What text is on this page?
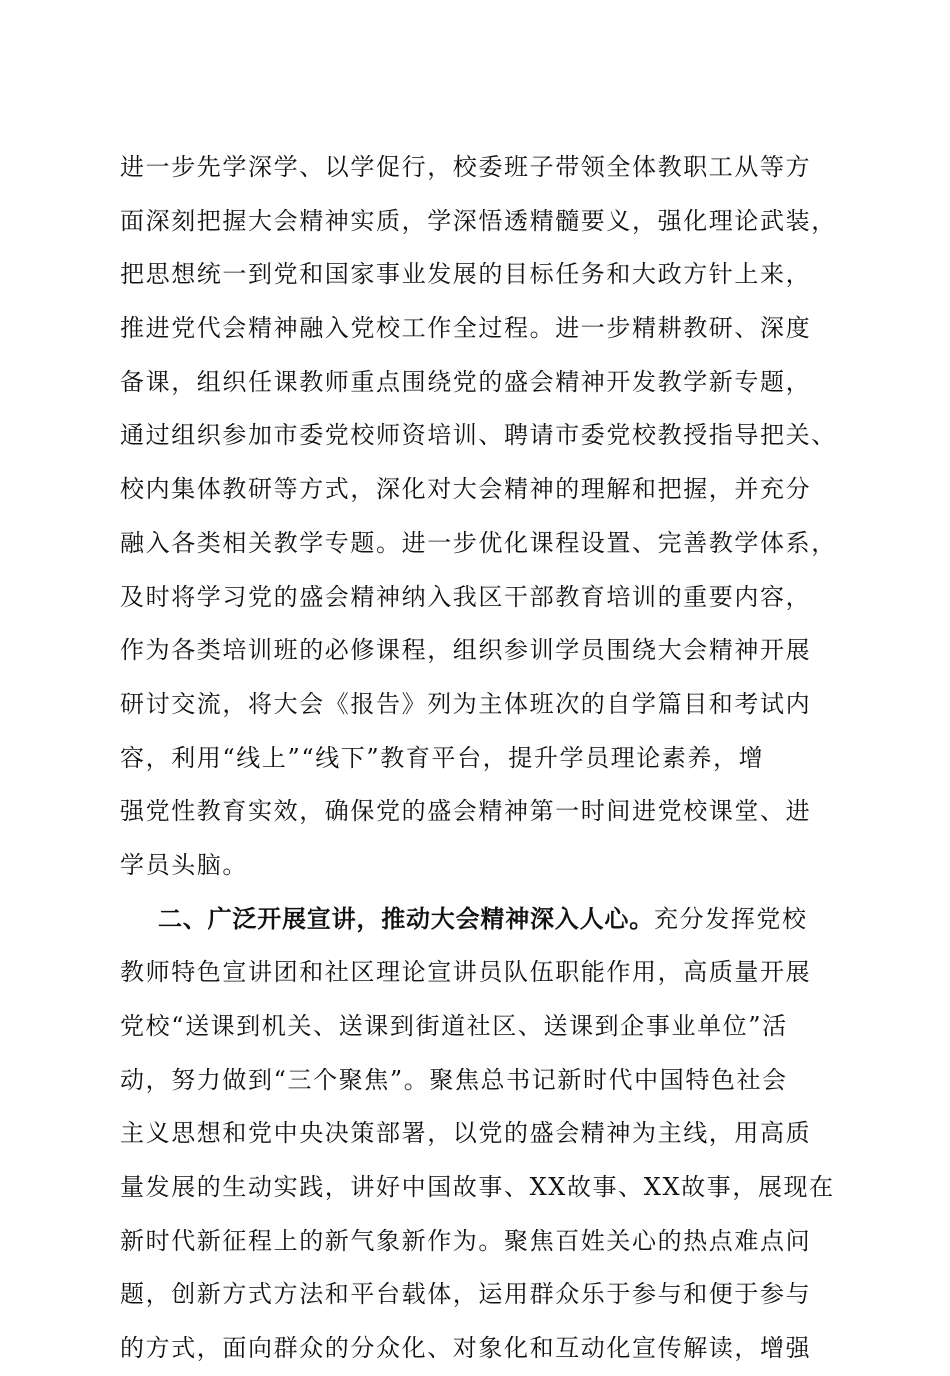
进一步先学深学、以学促行，校委班子带领全体教职工从等方
面深刻把握大会精神实质，学深悟透精髓要义，强化理论武装，
把思想统一到党和国家事业发展的目标任务和大政方针上来，
推进党代会精神融入党校工作全过程。进一步精耕教研、深度
备课，组织任课教师重点围绕党的盛会精神开发教学新专题，
通过组织参加市委党校师资培训、聘请市委党校教授指导把关、
校内集体教研等方式，深化对大会精神的理解和把握，并充分
融入各类相关教学专题。进一步优化课程设置、完善教学体系，
及时将学习党的盛会精神纳入我区干部教育培训的重要内容，
作为各类培训班的必修课程，组织参训学员围绕大会精神开展
研讨交流，将大会《报告》列为主体班次的自学篇目和考试内
容，利用“线上”“线下”教育平台，提升学员理论素养，增
强党性教育实效，确保党的盛会精神第一时间进党校课堂、进
学员头脑。
二、广泛开展宣讲，推动大会精神深入人心。充分发挥党校
教师特色宣讲团和社区理论宣讲员队伍职能作用，高质量开展
党校“送课到机关、送课到街道社区、送课到企事业单位”活
动，努力做到“三个聚焦”。聚焦总书记新时代中国特色社会
主义思想和党中央决策部署，以党的盛会精神为主线，用高质
量发展的生动实践，讲好中国故事、XX故事、XX故事，展现在
新时代新征程上的新气象新作为。聚焦百姓关心的热点难点问
题，创新方式方法和平台载体，运用群众乐于参与和便于参与
的方式，面向群众的分众化、对象化和互动化宣传解读，增强
